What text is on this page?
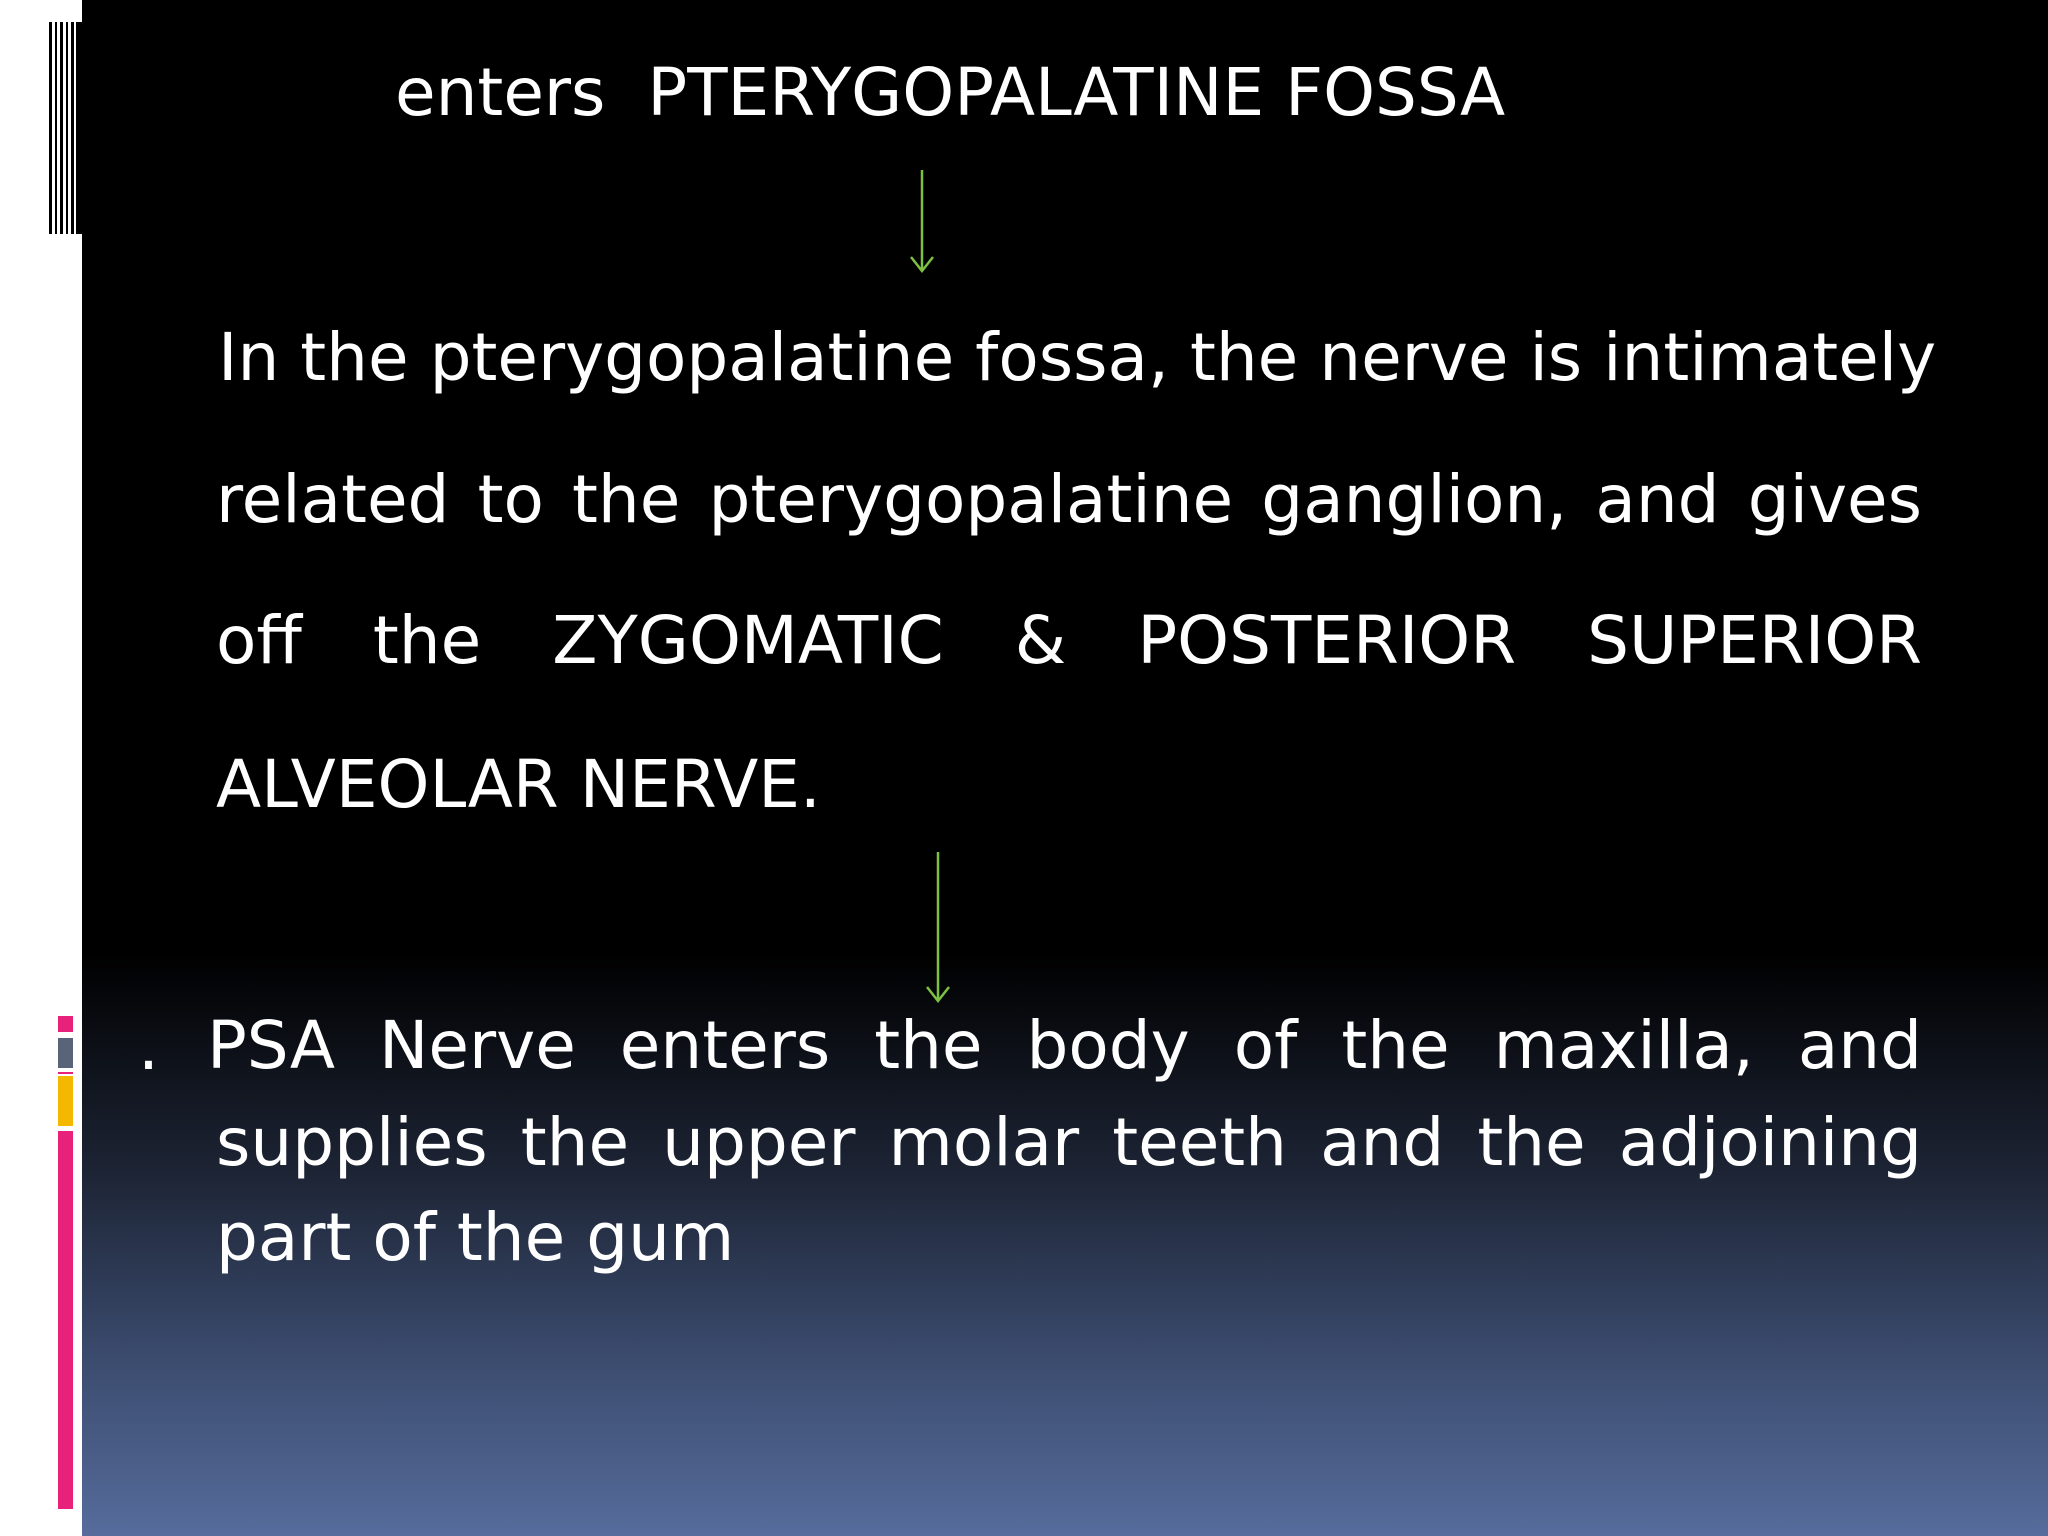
enters  PTERYGOPALATINE FOSSA
In the pterygopalatine fossa, the nerve is intimately
related to the pterygopalatine ganglion, and gives
off the ZYGOMATIC & POSTERIOR SUPERIOR
ALVEOLAR NERVE.
. PSA Nerve enters the body of the maxilla, and
supplies the upper molar teeth and the adjoining
part of the gum
